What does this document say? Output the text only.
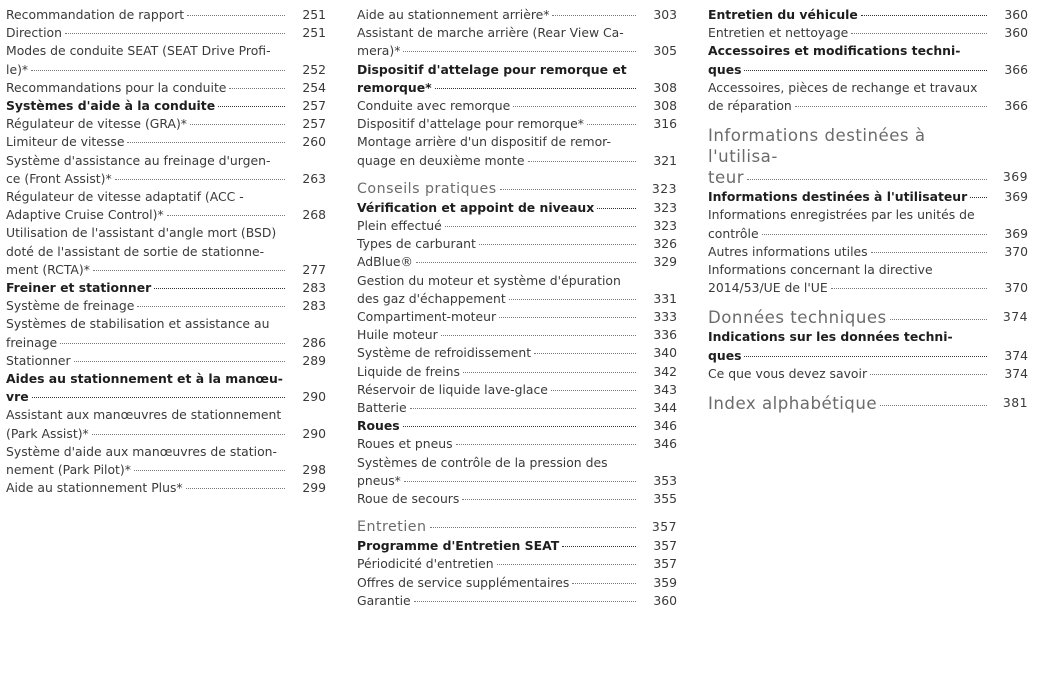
Recommandation de rapport	251
Direction	251
Modes de conduite SEAT (SEAT Drive Profi-
le)*	252
Recommandations pour la conduite	254
Systèmes d'aide à la conduite	257
Régulateur de vitesse (GRA)*	257
Limiteur de vitesse	260
Système d'assistance au freinage d'urgen-
ce (Front Assist)*	263
Régulateur de vitesse adaptatif (ACC -
Adaptive Cruise Control)*	268
Utilisation de l'assistant d'angle mort (BSD)
doté de l'assistant de sortie de stationne-
ment (RCTA)*	277
Freiner et stationner	283
Système de freinage	283
Systèmes de stabilisation et assistance au
freinage	286
Stationner	289
Aides au stationnement et à la manœu-
vre	290
Assistant aux manœuvres de stationnement
(Park Assist)*	290
Système d'aide aux manœuvres de station-
nement (Park Pilot)*	298
Aide au stationnement Plus*	299
Aide au stationnement arrière*	303
Assistant de marche arrière (Rear View Ca-
mera)*	305
Dispositif d'attelage pour remorque et
remorque*	308
Conduite avec remorque	308
Dispositif d'attelage pour remorque*	316
Montage arrière d'un dispositif de remor-
quage en deuxième monte	321
Conseils pratiques	323
Vérification et appoint de niveaux	323
Plein effectué	323
Types de carburant	326
AdBlue®	329
Gestion du moteur et système d'épuration
des gaz d'échappement	331
Compartiment-moteur	333
Huile moteur	336
Système de refroidissement	340
Liquide de freins	342
Réservoir de liquide lave-glace	343
Batterie	344
Roues	346
Roues et pneus	346
Systèmes de contrôle de la pression des
pneus*	353
Roue de secours	355
Entretien	357
Programme d'Entretien SEAT	357
Périodicité d'entretien	357
Offres de service supplémentaires	359
Garantie	360
Entretien du véhicule	360
Entretien et nettoyage	360
Accessoires et modifications techni-
ques	366
Accessoires, pièces de rechange et travaux
de réparation	366
Informations destinées à l'utilisa-
teur	369
Informations destinées à l'utilisateur	369
Informations enregistrées par les unités de
contrôle	369
Autres informations utiles	370
Informations concernant la directive
2014/53/UE de l'UE	370
Données techniques	374
Indications sur les données techni-
ques	374
Ce que vous devez savoir	374
Index alphabétique	381
